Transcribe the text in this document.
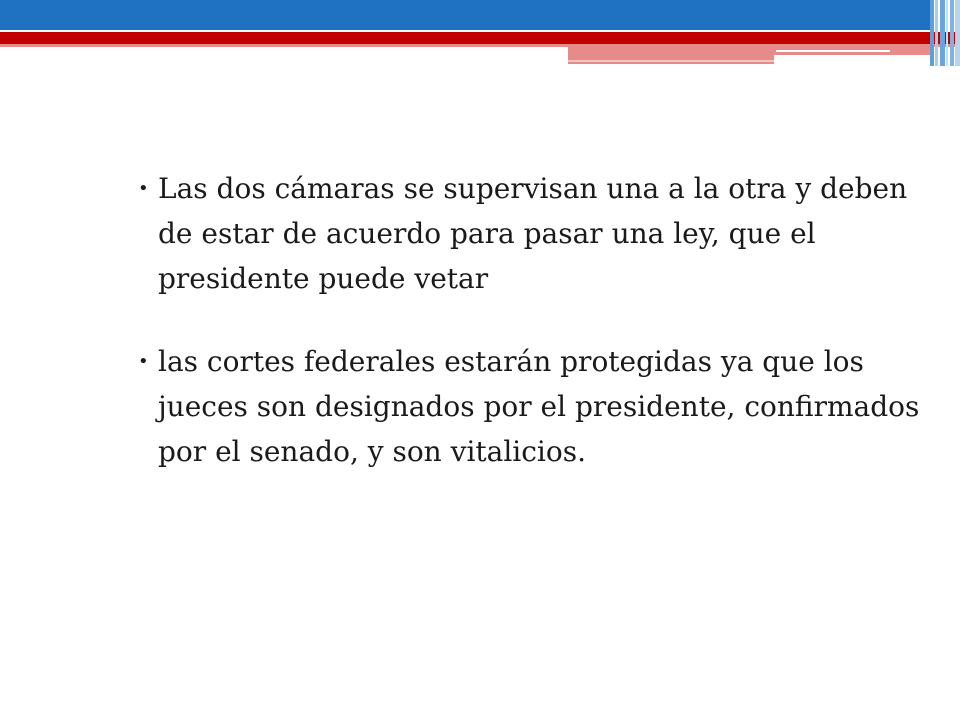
• Las dos cámaras se supervisan una a la otra y deben de estar de acuerdo para pasar una ley, que el presidente puede vetar
• las cortes federales estarán protegidas ya que los jueces son designados por el presidente, confirmados por el senado, y son vitalicios.
